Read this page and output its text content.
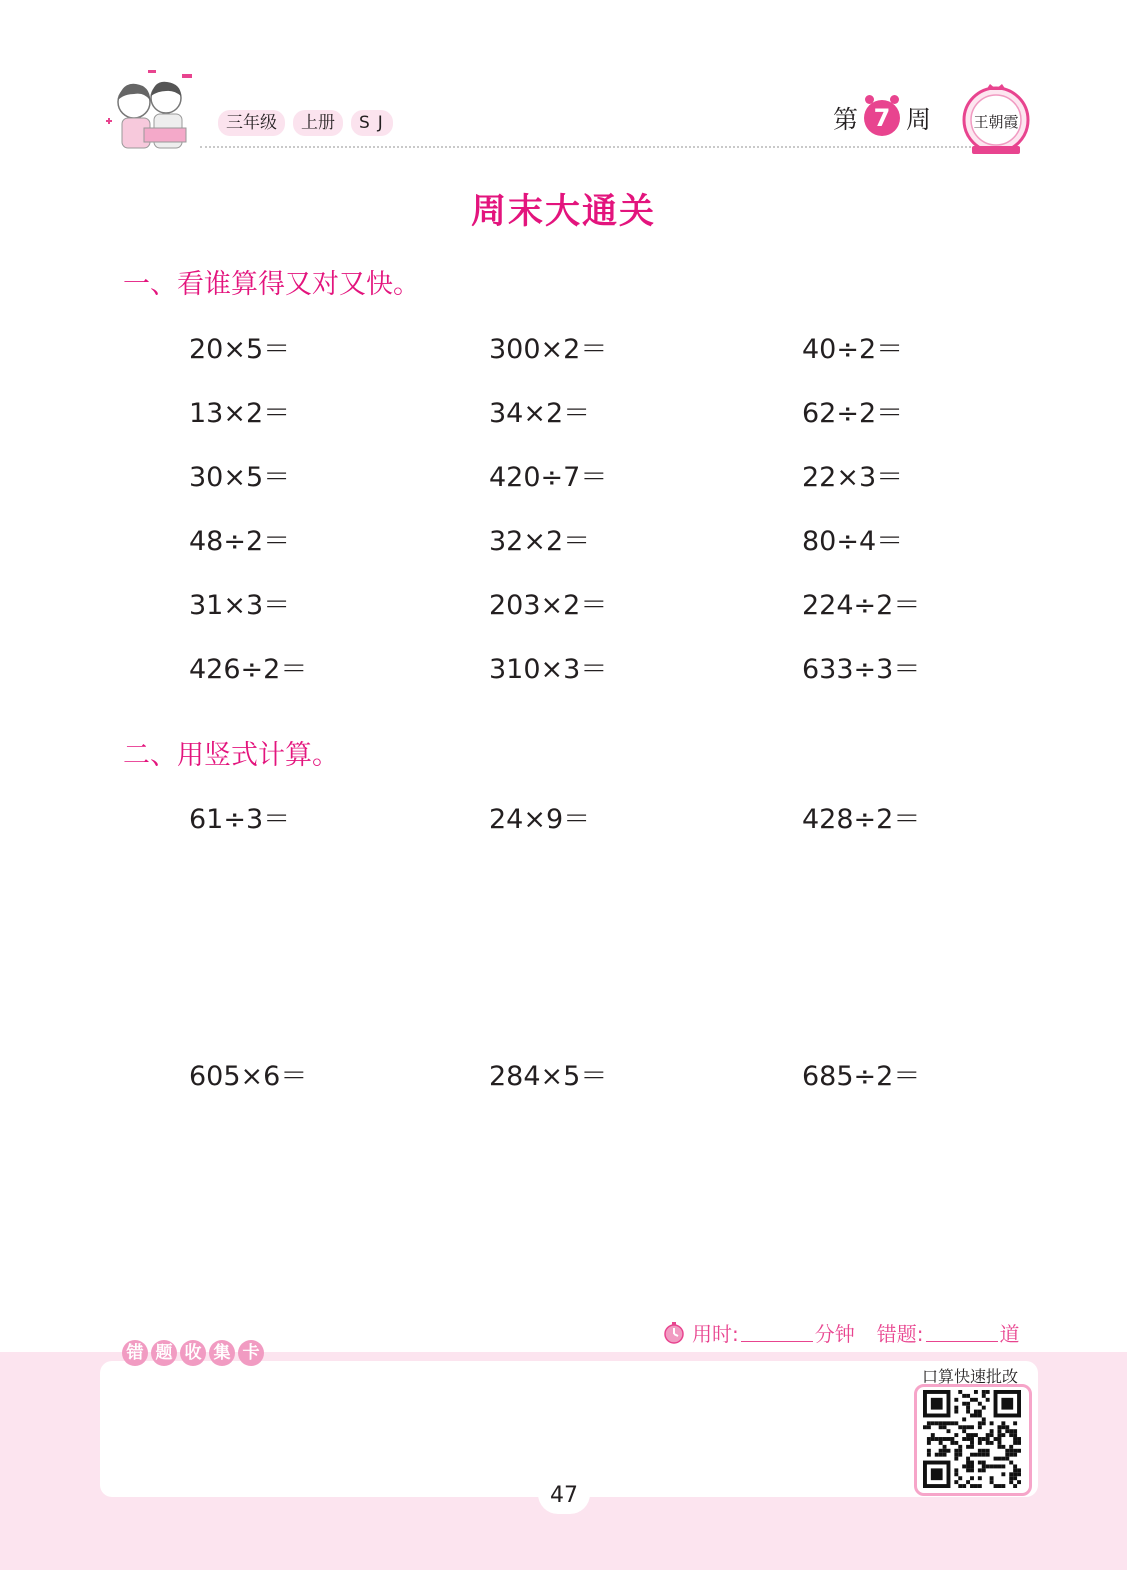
三年级	上册	SJ	第 7 周	王朝霞
周末大通关
一、看谁算得又对又快。
20×5＝	300×2＝	40÷2＝
13×2＝	34×2＝	62÷2＝
30×5＝	420÷7＝	22×3＝
48÷2＝	32×2＝	80÷4＝
31×3＝	203×2＝	224÷2＝
426÷2＝	310×3＝	633÷3＝
二、用竖式计算。
61÷3＝	24×9＝	428÷2＝
605×6＝	284×5＝	685÷2＝
用时:	分钟 错题:	道
错 题 收 集 卡
口算快速批改
47
